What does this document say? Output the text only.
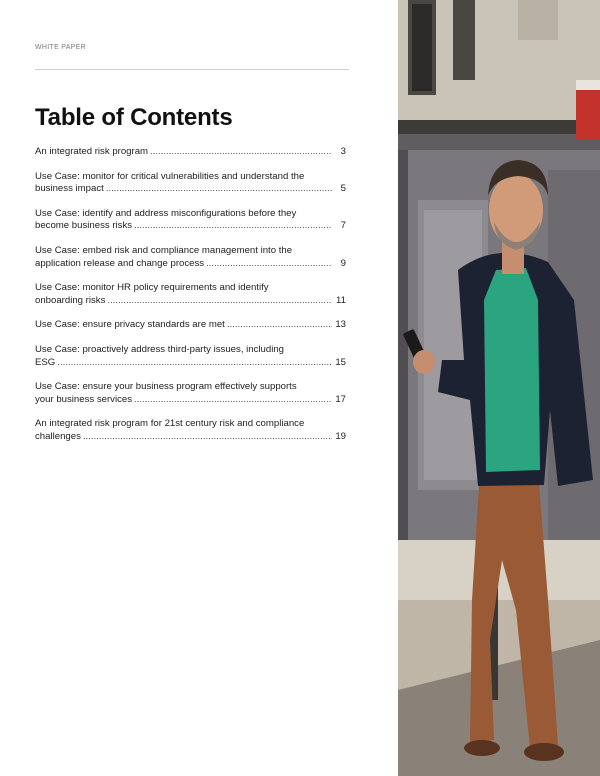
WHITE PAPER
Table of Contents
An integrated risk program .....	3
Use Case: monitor for critical vulnerabilities and understand the
business impact .....	5
Use Case: identify and address misconfigurations before they
become business risks .....	7
Use Case: embed risk and compliance management into the
application release and change process .....	9
Use Case: monitor HR policy requirements and identify
onboarding risks .....	11
Use Case: ensure privacy standards are met .....	13
Use Case: proactively address third-party issues, including
ESG .....	15
Use Case: ensure your business program effectively supports
your business services .....	17
An integrated risk program for 21st century risk and compliance
challenges .....	19
